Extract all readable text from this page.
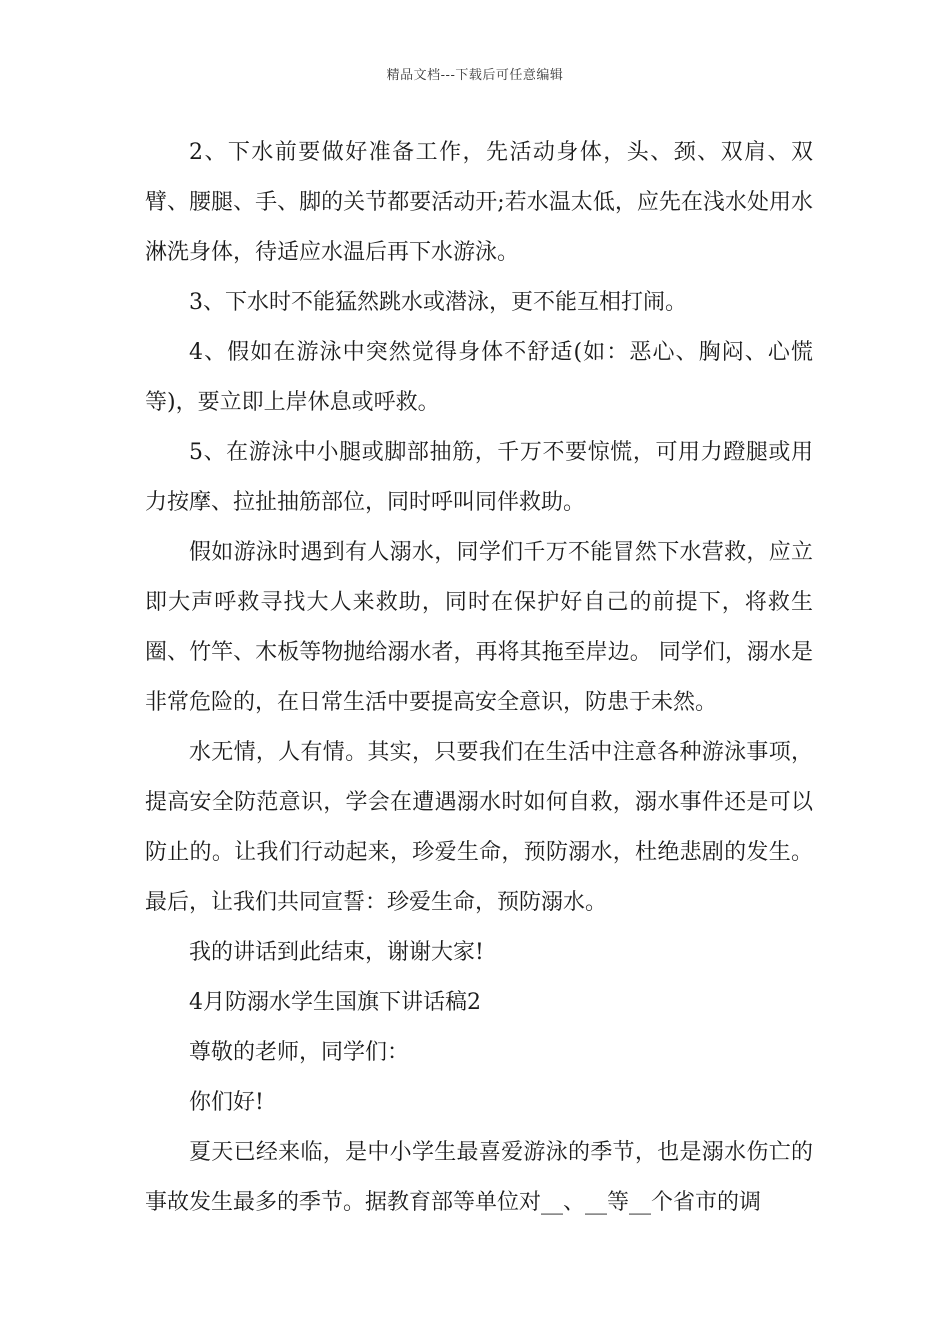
精品文档---下载后可任意编辑

2、下水前要做好准备工作，先活动身体，头、颈、双肩、双臂、腰腿、手、脚的关节都要活动开;若水温太低，应先在浅水处用水淋洗身体，待适应水温后再下水游泳。

3、下水时不能猛然跳水或潜泳，更不能互相打闹。

4、假如在游泳中突然觉得身体不舒适(如：恶心、胸闷、心慌等)，要立即上岸休息或呼救。

5、在游泳中小腿或脚部抽筋，千万不要惊慌，可用力蹬腿或用力按摩、拉扯抽筋部位，同时呼叫同伴救助。

假如游泳时遇到有人溺水，同学们千万不能冒然下水营救，应立即大声呼救寻找大人来救助，同时在保护好自己的前提下，将救生圈、竹竿、木板等物抛给溺水者，再将其拖至岸边。 同学们，溺水是非常危险的，在日常生活中要提高安全意识，防患于未然。

水无情，人有情。其实，只要我们在生活中注意各种游泳事项，提高安全防范意识，学会在遭遇溺水时如何自救，溺水事件还是可以防止的。让我们行动起来，珍爱生命，预防溺水，杜绝悲剧的发生。最后，让我们共同宣誓：珍爱生命，预防溺水。

我的讲话到此结束，谢谢大家!

4月防溺水学生国旗下讲话稿2

尊敬的老师，同学们：

你们好!

夏天已经来临，是中小学生最喜爱游泳的季节，也是溺水伤亡的事故发生最多的季节。据教育部等单位对__、__等__个省市的调
